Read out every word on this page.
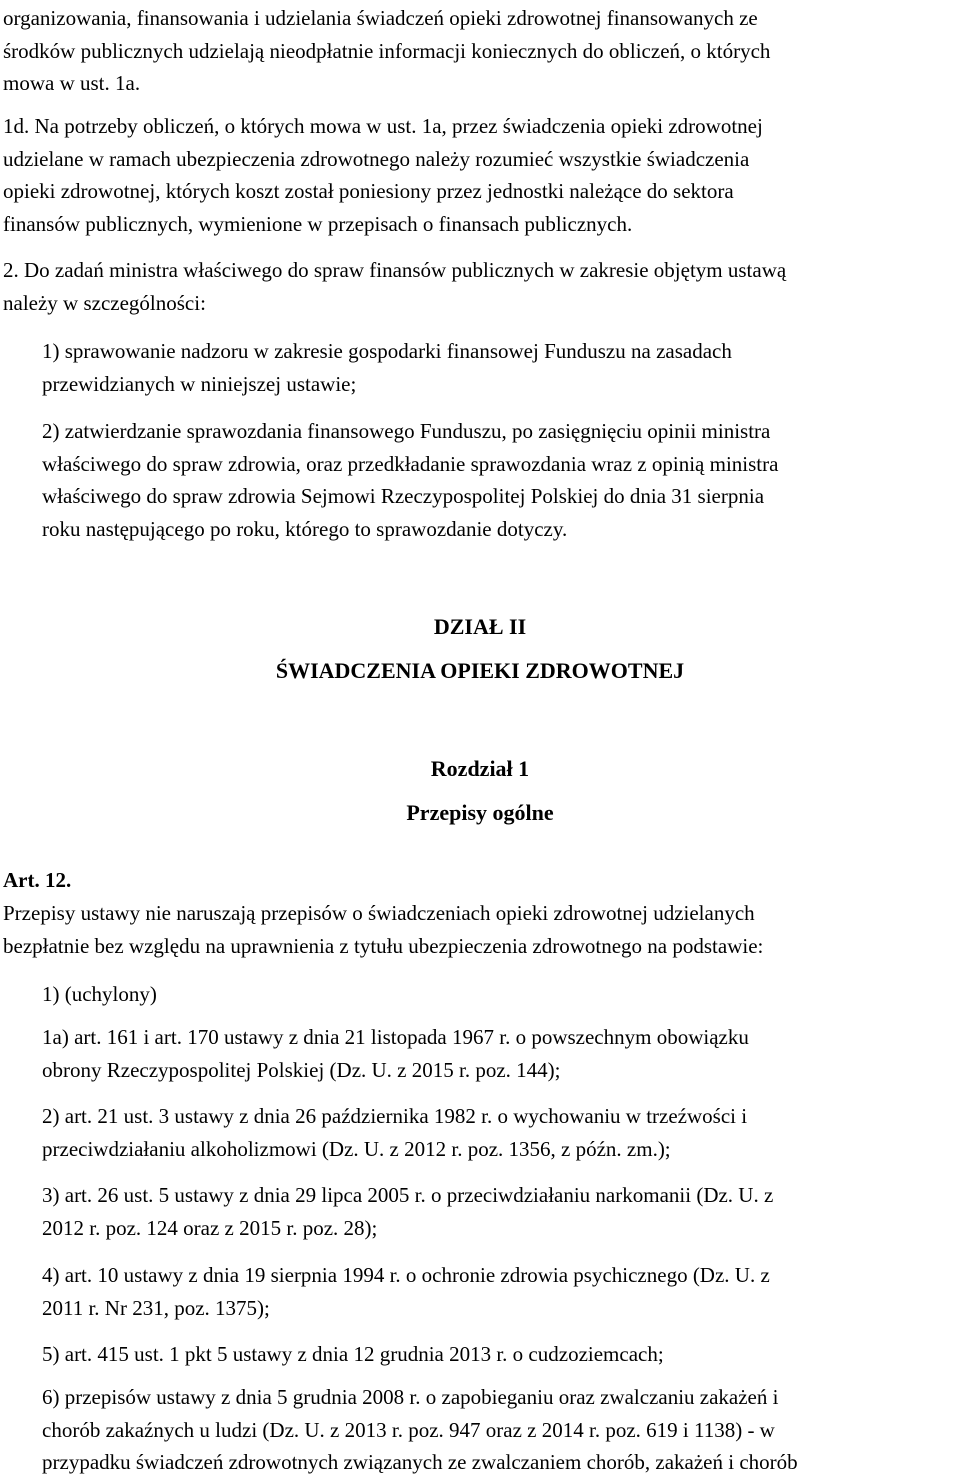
organizowania, finansowania i udzielania świadczeń opieki zdrowotnej finansowanych ze
środków publicznych udzielają nieodpłatnie informacji koniecznych do obliczeń, o których
mowa w ust. 1a.

1d. Na potrzeby obliczeń, o których mowa w ust. 1a, przez świadczenia opieki zdrowotnej
udzielane w ramach ubezpieczenia zdrowotnego należy rozumieć wszystkie świadczenia
opieki zdrowotnej, których koszt został poniesiony przez jednostki należące do sektora
finansów publicznych, wymienione w przepisach o finansach publicznych.

2. Do zadań ministra właściwego do spraw finansów publicznych w zakresie objętym ustawą
należy w szczególności:

1) sprawowanie nadzoru w zakresie gospodarki finansowej Funduszu na zasadach
przewidzianych w niniejszej ustawie;

2) zatwierdzanie sprawozdania finansowego Funduszu, po zasięgnięciu opinii ministra
właściwego do spraw zdrowia, oraz przedkładanie sprawozdania wraz z opinią ministra
właściwego do spraw zdrowia Sejmowi Rzeczypospolitej Polskiej do dnia 31 sierpnia
roku następującego po roku, którego to sprawozdanie dotyczy.

DZIAŁ II
ŚWIADCZENIA OPIEKI ZDROWOTNEJ
Rozdział 1
Przepisy ogólne
Art. 12.

Przepisy ustawy nie naruszają przepisów o świadczeniach opieki zdrowotnej udzielanych
bezpłatnie bez względu na uprawnienia z tytułu ubezpieczenia zdrowotnego na podstawie:

1) (uchylony)

1a) art. 161 i art. 170 ustawy z dnia 21 listopada 1967 r. o powszechnym obowiązku
obrony Rzeczypospolitej Polskiej (Dz. U. z 2015 r. poz. 144);

2) art. 21 ust. 3 ustawy z dnia 26 października 1982 r. o wychowaniu w trzeźwości i
przeciwdziałaniu alkoholizmowi (Dz. U. z 2012 r. poz. 1356, z późn. zm.);

3) art. 26 ust. 5 ustawy z dnia 29 lipca 2005 r. o przeciwdziałaniu narkomanii (Dz. U. z
2012 r. poz. 124 oraz z 2015 r. poz. 28);

4) art. 10 ustawy z dnia 19 sierpnia 1994 r. o ochronie zdrowia psychicznego (Dz. U. z
2011 r. Nr 231, poz. 1375);

5) art. 415 ust. 1 pkt 5 ustawy z dnia 12 grudnia 2013 r. o cudzoziemcach;

6) przepisów ustawy z dnia 5 grudnia 2008 r. o zapobieganiu oraz zwalczaniu zakażeń i
chorób zakaźnych u ludzi (Dz. U. z 2013 r. poz. 947 oraz z 2014 r. poz. 619 i 1138) - w
przypadku świadczeń zdrowotnych związanych ze zwalczaniem chorób, zakażeń i chorób
